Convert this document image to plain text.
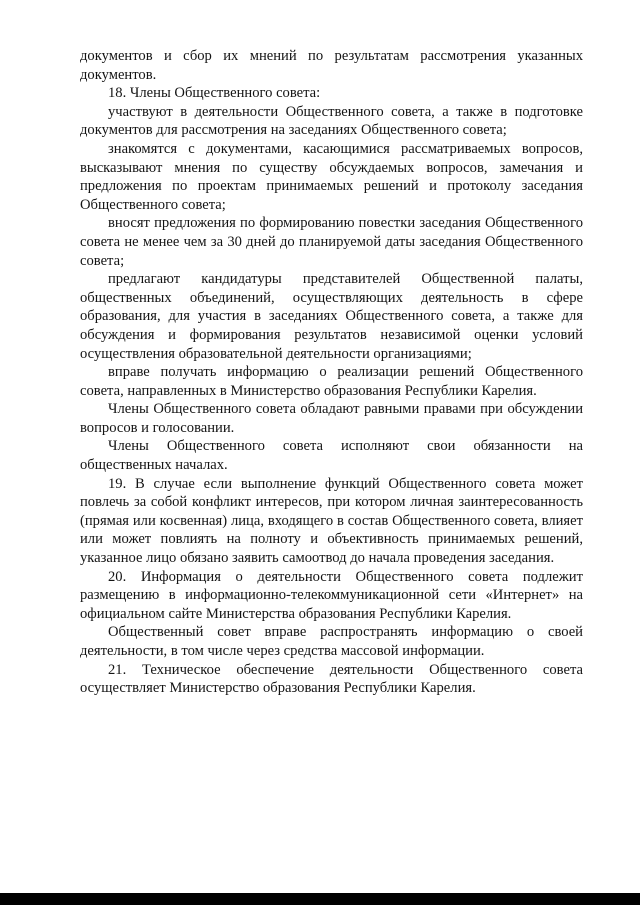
документов и сбор их мнений по результатам рассмотрения указанных документов.

18. Члены Общественного совета:

участвуют в деятельности Общественного совета, а также в подготовке документов для рассмотрения на заседаниях Общественного совета;

знакомятся с документами, касающимися рассматриваемых вопросов, высказывают мнения по существу обсуждаемых вопросов, замечания и предложения по проектам принимаемых решений и протоколу заседания Общественного совета;

вносят предложения по формированию повестки заседания Общественного совета не менее чем за 30 дней до планируемой даты заседания Общественного совета;

предлагают кандидатуры представителей Общественной палаты, общественных объединений, осуществляющих деятельность в сфере образования, для участия в заседаниях Общественного совета, а также для обсуждения и формирования результатов независимой оценки условий осуществления образовательной деятельности организациями;

вправе получать информацию о реализации решений Общественного совета, направленных в Министерство образования Республики Карелия.

Члены Общественного совета обладают равными правами при обсуждении вопросов и голосовании.

Члены Общественного совета исполняют свои обязанности на общественных началах.

19. В случае если выполнение функций Общественного совета может повлечь за собой конфликт интересов, при котором личная заинтересованность (прямая или косвенная) лица, входящего в состав Общественного совета, влияет или может повлиять на полноту и объективность принимаемых решений, указанное лицо обязано заявить самоотвод до начала проведения заседания.

20. Информация о деятельности Общественного совета подлежит размещению в информационно-телекоммуникационной сети «Интернет» на официальном сайте Министерства образования Республики Карелия.

Общественный совет вправе распространять информацию о своей деятельности, в том числе через средства массовой информации.

21. Техническое обеспечение деятельности Общественного совета осуществляет Министерство образования Республики Карелия.
